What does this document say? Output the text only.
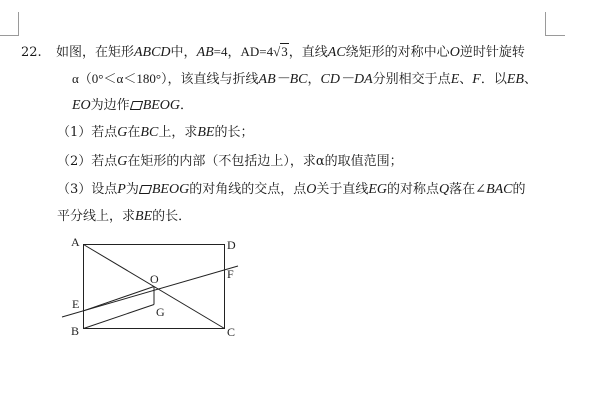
22. 如图，在矩形ABCD中，AB=4，AD=4√3，直线AC绕矩形的对称中心O逆时针旋转
α（0°＜α＜180°），该直线与折线AB－BC，CD－DA分别相交于点E、F．以EB、
EO为边作 BEOG．
（1）若点G在BC上，求BE的长；
（2）若点G在矩形的内部（不包括边上），求α的取值范围；
（3）设点P为 BEOG的对角线的交点，点O关于直线EG的对称点Q落在∠BAC的
平分线上，求BE的长．
A	D
F
O
E
G
B	C
